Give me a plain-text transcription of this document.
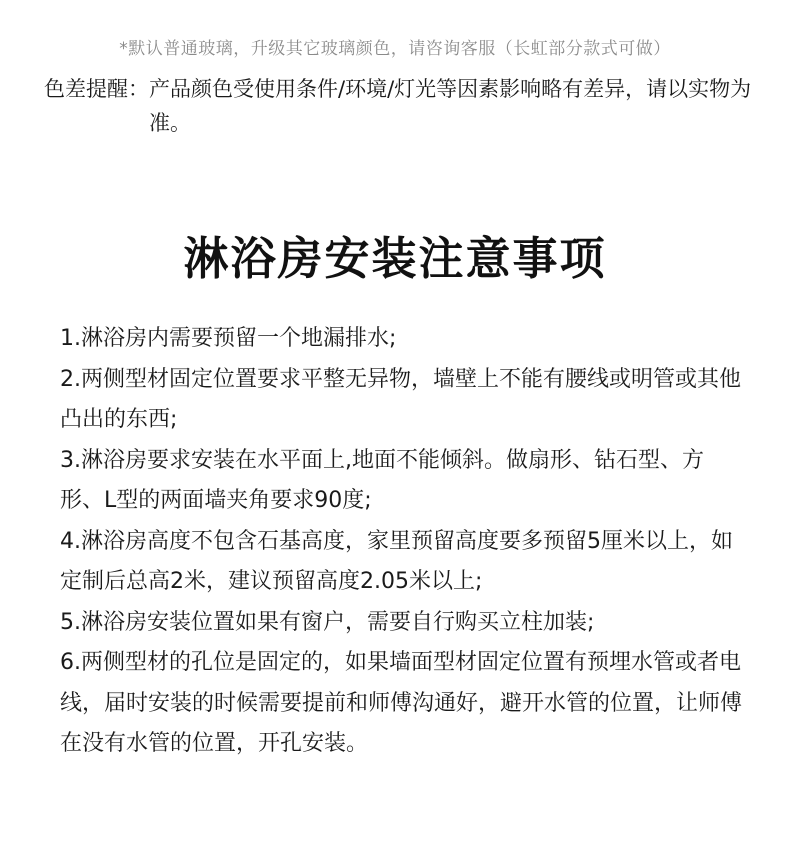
*默认普通玻璃，升级其它玻璃颜色，请咨询客服（长虹部分款式可做）
色差提醒： 产品颜色受使用条件/环境/灯光等因素影响略有差异，请以实物为准。
淋浴房安装注意事项

1.淋浴房内需要预留一个地漏排水;

2.两侧型材固定位置要求平整无异物，墙壁上不能有腰线或明管或其他凸出的东西;

3.淋浴房要求安装在水平面上,地面不能倾斜。做扇形、钻石型、方形、L型的两面墙夹角要求90度;

4.淋浴房高度不包含石基高度，家里预留高度要多预留5厘米以上，如定制后总高2米，建议预留高度2.05米以上;

5.淋浴房安装位置如果有窗户，需要自行购买立柱加装;

6.两侧型材的孔位是固定的，如果墙面型材固定位置有预埋水管或者电线，届时安装的时候需要提前和师傅沟通好，避开水管的位置，让师傅在没有水管的位置，开孔安装。
